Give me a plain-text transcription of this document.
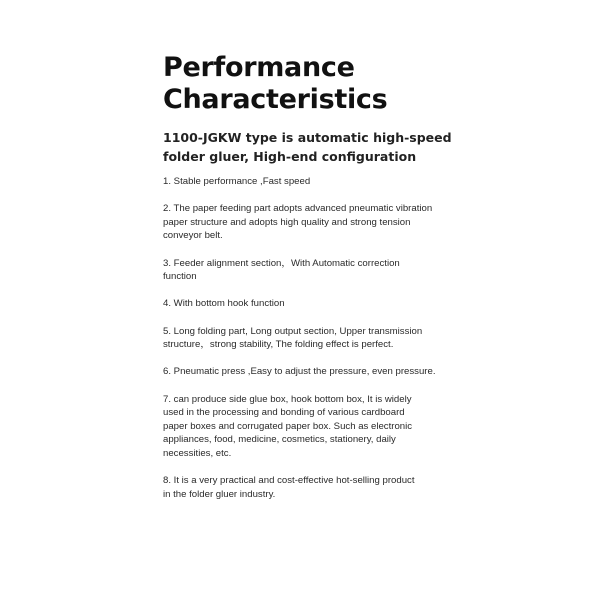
Performance
Characteristics
1100-JGKW type is automatic high-speed
folder gluer, High-end configuration

1. Stable performance ,Fast speed

2. The paper feeding part adopts advanced pneumatic vibration
paper structure and adopts high quality and strong tension
conveyor belt.

3. Feeder alignment section，With Automatic correction
function

4. With bottom hook function

5. Long folding part, Long output section, Upper transmission
structure，strong stability, The folding effect is perfect.

6. Pneumatic press ,Easy to adjust the pressure, even pressure.

7. can produce side glue box, hook bottom box, It is widely
used in the processing and bonding of various cardboard
paper boxes and corrugated paper box. Such as electronic
appliances, food, medicine, cosmetics, stationery, daily
necessities, etc.

8. It is a very practical and cost-effective hot-selling product
in the folder gluer industry.
